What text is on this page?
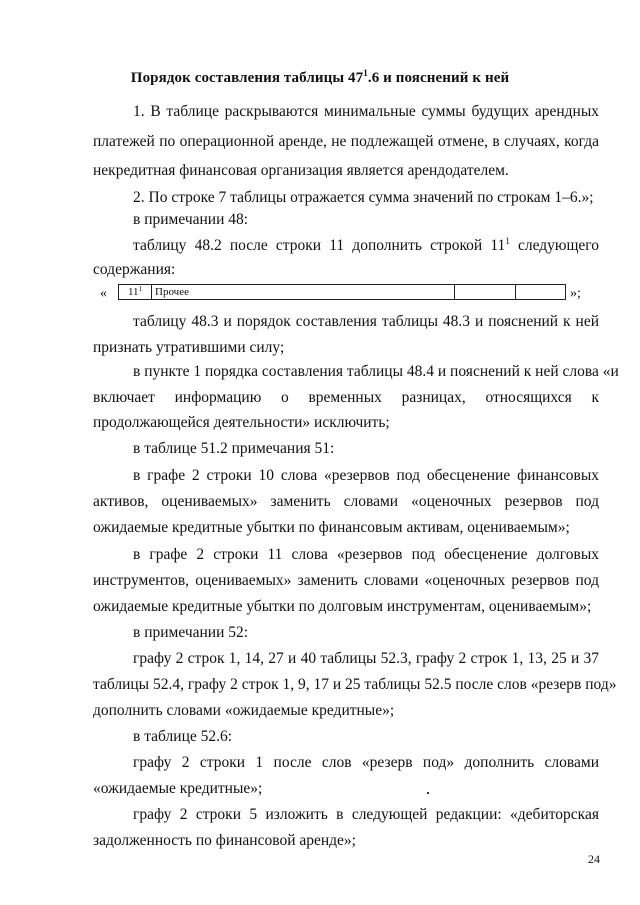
Порядок составления таблицы $47^1.6$ и пояснений к ней
1. В таблице раскрываются минимальные суммы будущих арендных
платежей по операционной аренде, не подлежащей отмене, в случаях, когда
некредитная финансовая организация является арендодателем.
2. По строке 7 таблицы отражается сумма значений по строкам 1–6.»;
в примечании 48:
таблицу 48.2 после строки 11 дополнить строкой $11^1$ следующего
содержания:
« $11^1$	Прочее			»;
таблицу 48.3 и порядок составления таблицы 48.3 и пояснений к ней
признать утратившими силу;
в пункте 1 порядка составления таблицы 48.4 и пояснений к ней слова «и
включает информацию о временных разницах, относящихся к
продолжающейся деятельности» исключить;
в таблице 51.2 примечания 51:
в графе 2 строки 10 слова «резервов под обесценение финансовых
активов, оцениваемых» заменить словами «оценочных резервов под
ожидаемые кредитные убытки по финансовым активам, оцениваемым»;
в графе 2 строки 11 слова «резервов под обесценение долговых
инструментов, оцениваемых» заменить словами «оценочных резервов под
ожидаемые кредитные убытки по долговым инструментам, оцениваемым»;
в примечании 52:
графу 2 строк 1, 14, 27 и 40 таблицы 52.3, графу 2 строк 1, 13, 25 и 37
таблицы 52.4, графу 2 строк 1, 9, 17 и 25 таблицы 52.5 после слов «резерв под»
дополнить словами «ожидаемые кредитные»;
в таблице 52.6:
графу 2 строки 1 после слов «резерв под» дополнить словами
«ожидаемые кредитные»;
графу 2 строки 5 изложить в следующей редакции: «дебиторская
задолженность по финансовой аренде»;
24
